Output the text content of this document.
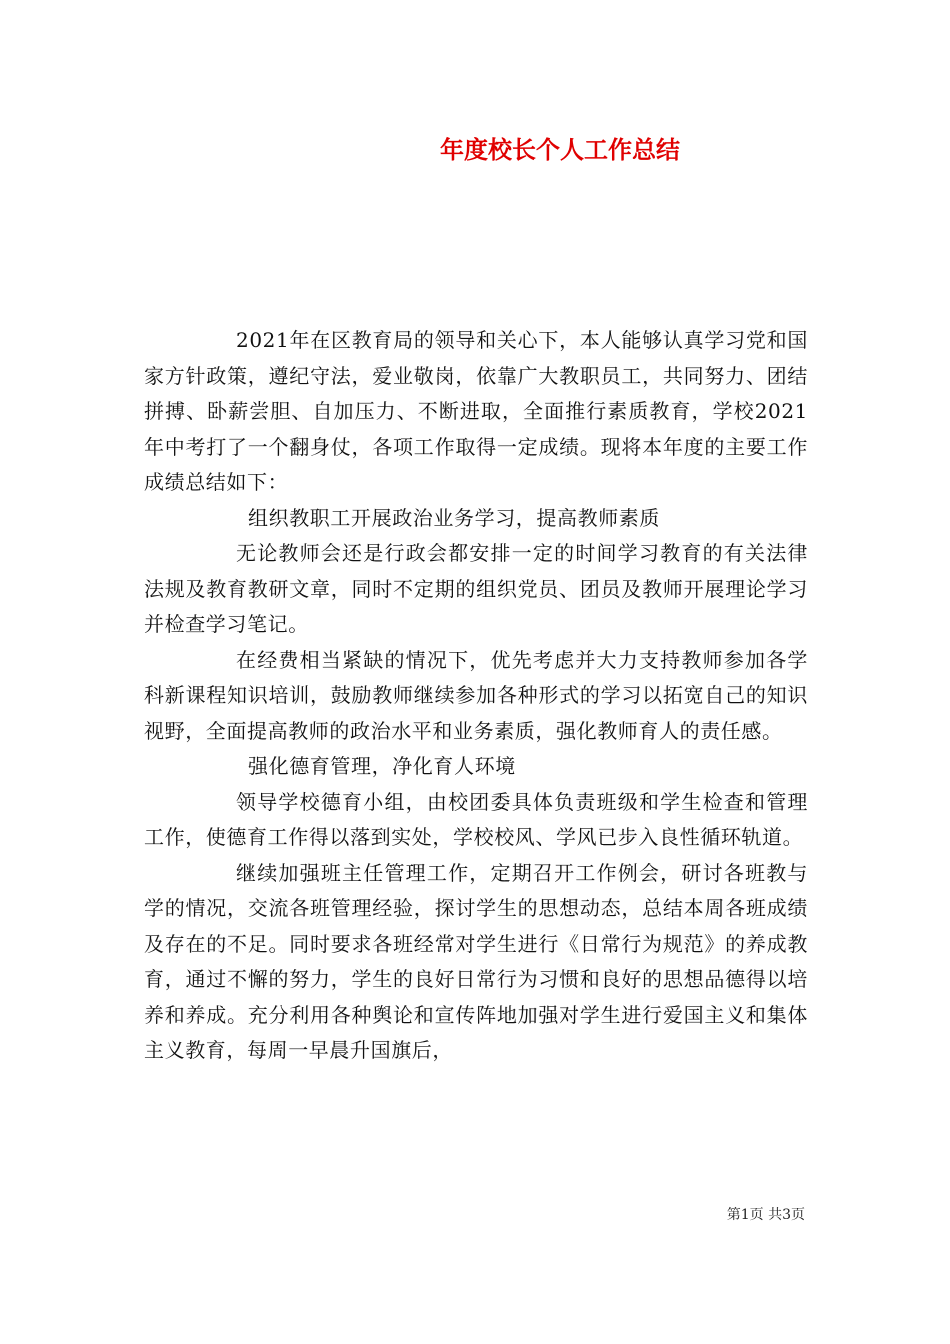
年度校长个人工作总结

2021年在区教育局的领导和关心下，本人能够认真学习党和国家方针政策，遵纪守法，爱业敬岗，依靠广大教职员工，共同努力、团结拼搏、卧薪尝胆、自加压力、不断进取，全面推行素质教育，学校2021年中考打了一个翻身仗，各项工作取得一定成绩。现将本年度的主要工作成绩总结如下：

组织教职工开展政治业务学习，提高教师素质

无论教师会还是行政会都安排一定的时间学习教育的有关法律法规及教育教研文章，同时不定期的组织党员、团员及教师开展理论学习并检查学习笔记。

在经费相当紧缺的情况下，优先考虑并大力支持教师参加各学科新课程知识培训，鼓励教师继续参加各种形式的学习以拓宽自己的知识视野，全面提高教师的政治水平和业务素质，强化教师育人的责任感。

强化德育管理，净化育人环境

领导学校德育小组，由校团委具体负责班级和学生检查和管理工作，使德育工作得以落到实处，学校校风、学风已步入良性循环轨道。

继续加强班主任管理工作，定期召开工作例会，研讨各班教与学的情况，交流各班管理经验，探讨学生的思想动态，总结本周各班成绩及存在的不足。同时要求各班经常对学生进行《日常行为规范》的养成教育，通过不懈的努力，学生的良好日常行为习惯和良好的思想品德得以培养和养成。充分利用各种舆论和宣传阵地加强对学生进行爱国主义和集体主义教育，每周一早晨升国旗后，

第1页 共3页
